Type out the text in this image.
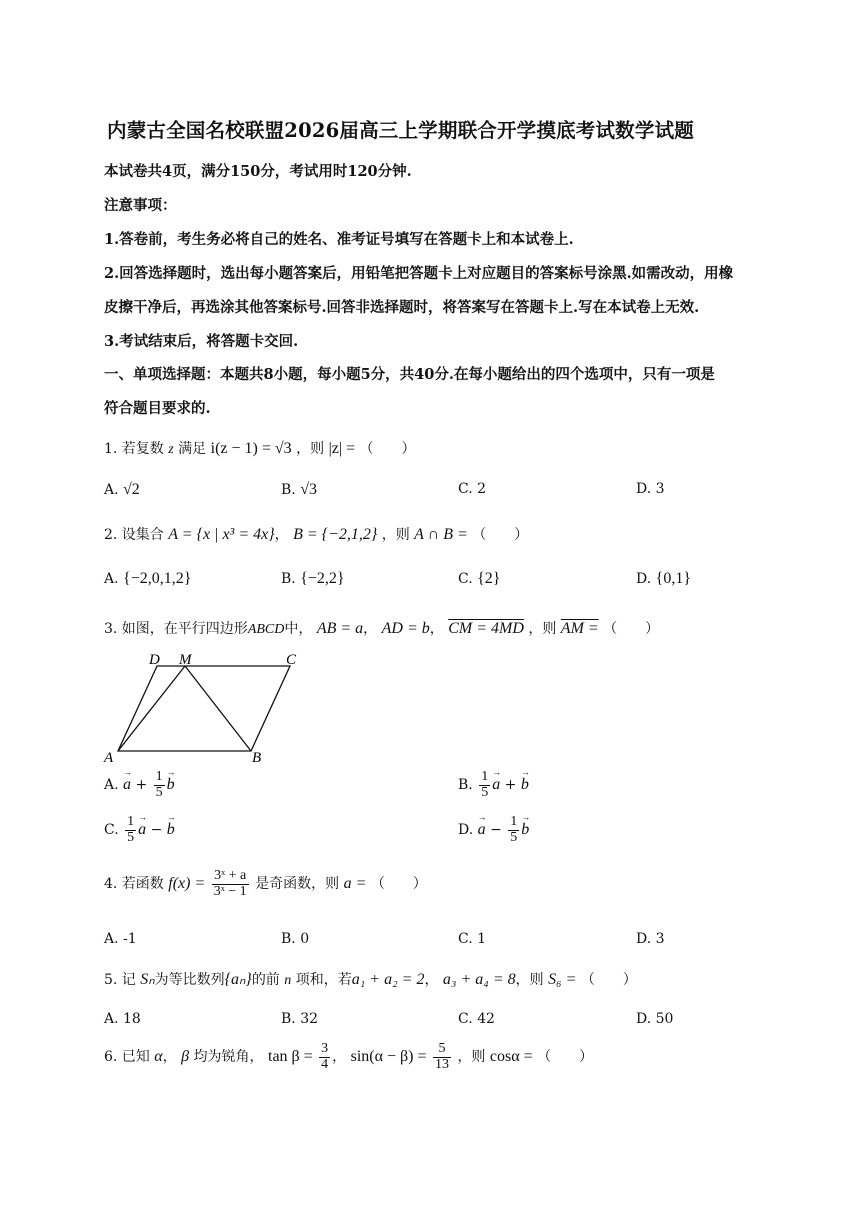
内蒙古全国名校联盟2026届高三上学期联合开学摸底考试数学试题
本试卷共4页，满分150分，考试用时120分钟.
注意事项：
1.答卷前，考生务必将自己的姓名、准考证号填写在答题卡上和本试卷上.
2.回答选择题时，选出每小题答案后，用铅笔把答题卡上对应题目的答案标号涂黑.如需改动，用橡
皮擦干净后，再选涂其他答案标号.回答非选择题时，将答案写在答题卡上.写在本试卷上无效.
3.考试结束后，将答题卡交回.
一、单项选择题：本题共8小题，每小题5分，共40分.在每小题给出的四个选项中，只有一项是
符合题目要求的.
1. 若复数 z 满足 i(z − 1) = √3 ，则 |z| = （　　）
A. √2	B. √3	C. 2	D. 3
2. 设集合 A = {x | x³ = 4x}， B = {−2,1,2} ，则 A ∩ B = （　　）
A. {−2,0,1,2}	B. {−2,2}	C. {2}	D. {0,1}
3. 如图，在平行四边形ABCD中， AB = a， AD = b， CM = 4MD ，则 AM = （　　）
D M	C
A	B
A. → $a + \frac{1}{5} \to b$	B. $\frac{1}{5} \to a$ + → b
C. $\frac{1}{5} \to a$ − → b	D. → $a - \frac{1}{5} \to b$
4. 若函数 $f(x) = \frac{\text{3ˣ + a}}{\text{3ˣ − 1}}$ 是奇函数，则 a = （　　）
A. -1	B. 0	C. 1	D. 3
5. 记 Sₙ为等比数列{aₙ}的前 n 项和，若a₁ + a₂ = 2， a₃ + a₄ = 8，则 S₆ = （　　）
A. 18	B. 32	C. 42	D. 50
6. 已知 α， β 均为锐角， $\tan \beta = \frac{3}{4}$ ， $\sin(\alpha - \beta) = \frac{5}{13}$ ，则 cosα = （　　）
